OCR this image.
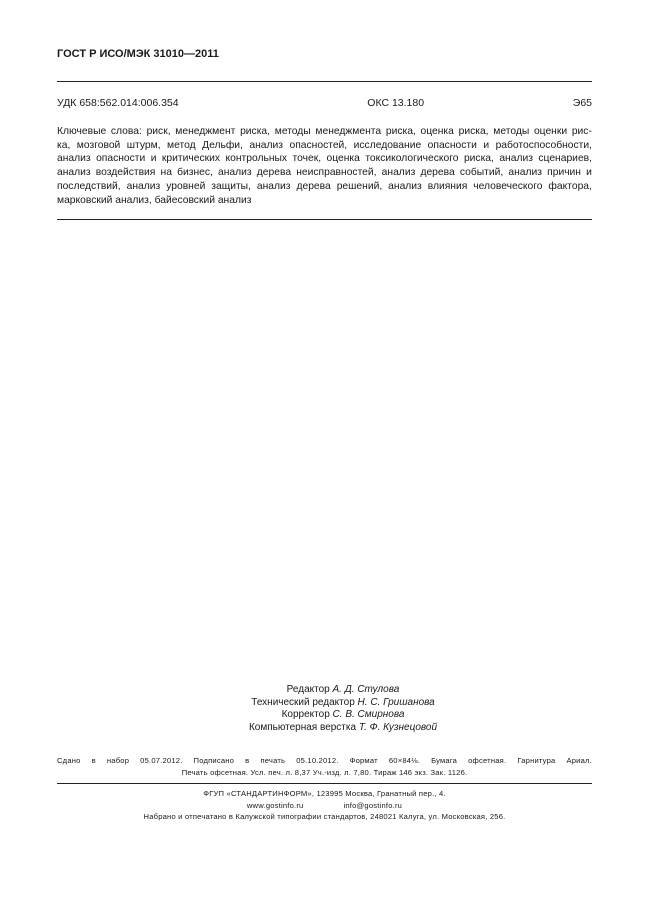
ГОСТ Р ИСО/МЭК 31010—2011
УДК 658:562.014:006.354	ОКС 13.180	Э65
Ключевые слова: риск, менеджмент риска, методы менеджмента риска, оценка риска, методы оценки рис-
ка, мозговой штурм, метод Дельфи, анализ опасностей, исследование опасности и работоспособности,
анализ опасности и критических контрольных точек, оценка токсикологического риска, анализ сценариев,
анализ воздействия на бизнес, анализ дерева неисправностей, анализ дерева событий, анализ причин и
последствий, анализ уровней защиты, анализ дерева решений, анализ влияния человеческого фактора,
марковский анализ, байесовский анализ
Редактор А. Д. Стулова
Технический редактор Н. С. Гришанова
Корректор С. В. Смирнова
Компьютерная верстка Т. Ф. Кузнецовой
Сдано в набор 05.07.2012. Подписано в печать 05.10.2012. Формат 60×84⅛. Бумага офсетная. Гарнитура Ариал.
Печать офсетная. Усл. печ. л. 8,37 Уч.-изд. л. 7,80. Тираж 146 экз. Зак. 1126.
ФГУП «СТАНДАРТИНФОРМ», 123995 Москва, Гранатный пер., 4.
www.gostinfo.ru	info@gostinfo.ru
Набрано и отпечатано в Калужской типографии стандартов, 248021 Калуга, ул. Московская, 256.
